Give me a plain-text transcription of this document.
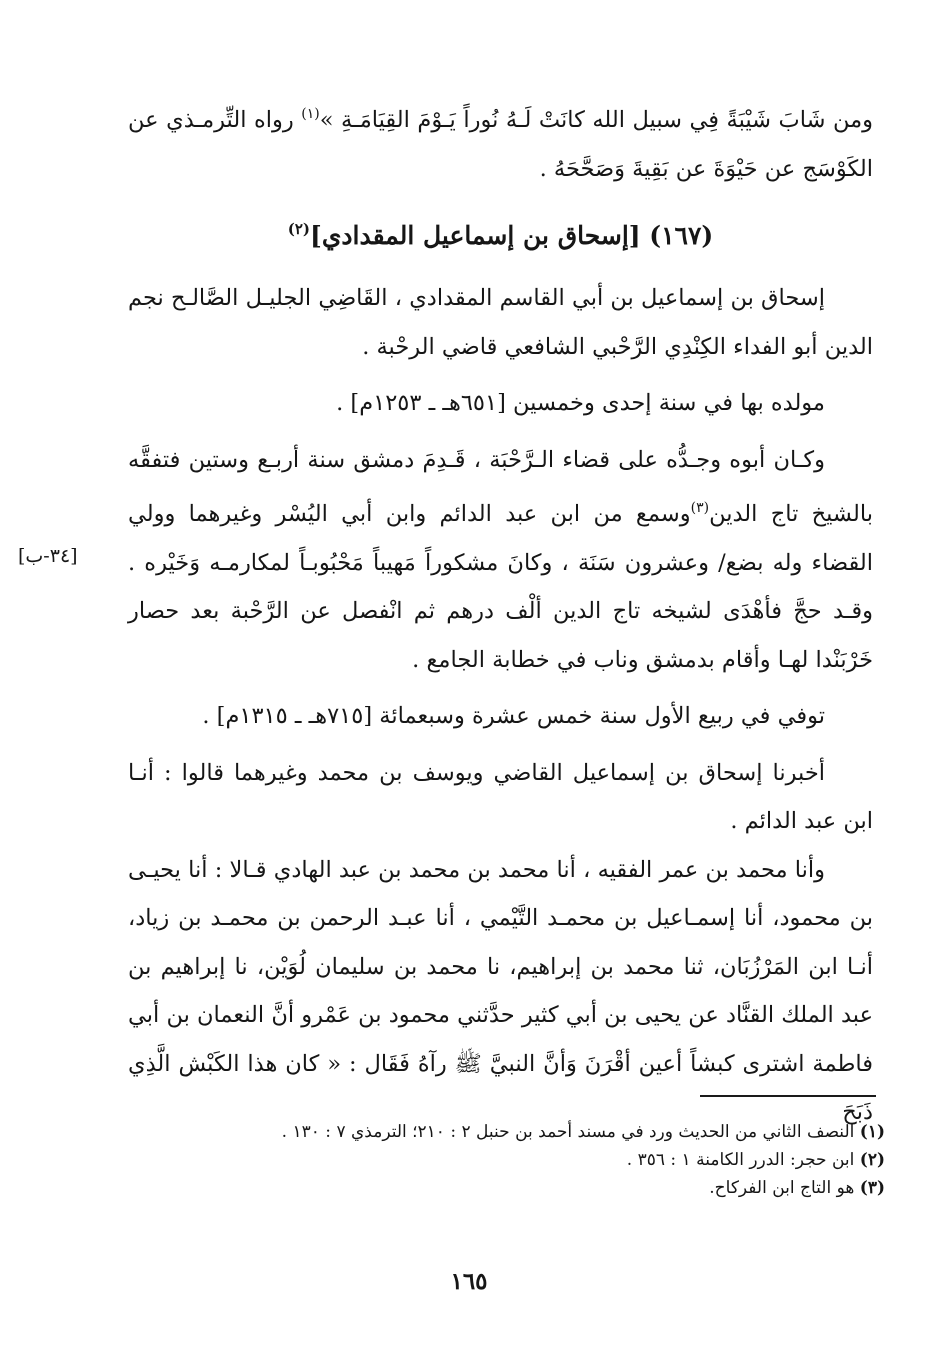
ومن شَابَ شَيْبَةً فِي سبيل الله كانَتْ لَـهُ نُوراً يَـوْمَ القِيَامَـةِ »$^{(١)}$ رواه التِّرمـذي عن الكَوْسَج عن حَيْوَةَ عن بَقِيةَ وَصَحَّحَهُ .

(١٦٧) [إسحاق بن إسماعيل المقدادي]$^{(٢)}$

إسحاق بن إسماعيل بن أبي القاسم المقدادي ، القَاضِي الجليـل الصَّالـح نجم الدين أبو الفداء الكِنْدِي الرَّحْبي الشافعي قاضي الرحْبة .

مولده بها في سنة إحدى وخمسين [٦٥١هـ ـ ١٢٥٣م] .

وكـان أبوه وجـدُّه على قضاء الـرَّحْبَة ، قَـدِمَ دمشق سنة أربـع وستين فتفقَّه بالشيخ تاج الدين$^{(٣)}$وسمع من ابن عبد الدائم وابن أبي اليُسْر وغيرهما وولي القضاء وله بضع/ وعشرون سَنَة ، وكانَ مشكوراً مَهيباً مَحْبُوبـاً لمكارمـه وَخَيْره . وقـد حجَّ فأهْدَى لشيخه تاج الدين ألْف درهم ثم انْفصل عن الرَّحْبة بعد حصار خَرْبَنْدا لهـا وأقام بدمشق وناب في خطابة الجامع .

توفي في ربيع الأول سنة خمس عشرة وسبعمائة [٧١٥هـ ـ ١٣١٥م] .

أخبرنا إسحاق بن إسماعيل القاضي ويوسف بن محمد وغيرهما قالوا : أنـا ابن عبد الدائم .

وأنا محمد بن عمر الفقيه ، أنا محمد بن محمد بن عبد الهادي قـالا : أنا يحيـى بن محمود، أنا إسمـاعيل بن محمـد التَّيْمي ، أنا عبـد الرحمن بن محمـد بن زياد، أنـا ابن المَرْزُبَان، ثنا محمد بن إبراهيم، نا محمد بن سليمان لُوَيْن، نا إبراهيم بن عبد الملك القنَّاد عن يحيى بن أبي كثير حدَّثني محمود بن عَمْرو أنَّ النعمان بن أبي فاطمة اشترى كبشاً أعين أقْرَنَ وَأنَّ النبيَّ ﷺ رآهُ فَقَال : « كان هذا الكَبْش الَّذِي ذَبَحَ

[٣٤-ب]

(١) النصف الثاني من الحديث ورد في مسند أحمد بن حنبل ٢ : ٢١٠؛ الترمذي ٧ : ١٣٠ .

(٢) ابن حجر: الدرر الكامنة ١ : ٣٥٦ .

(٣) هو التاج ابن الفركاح.

١٦٥
